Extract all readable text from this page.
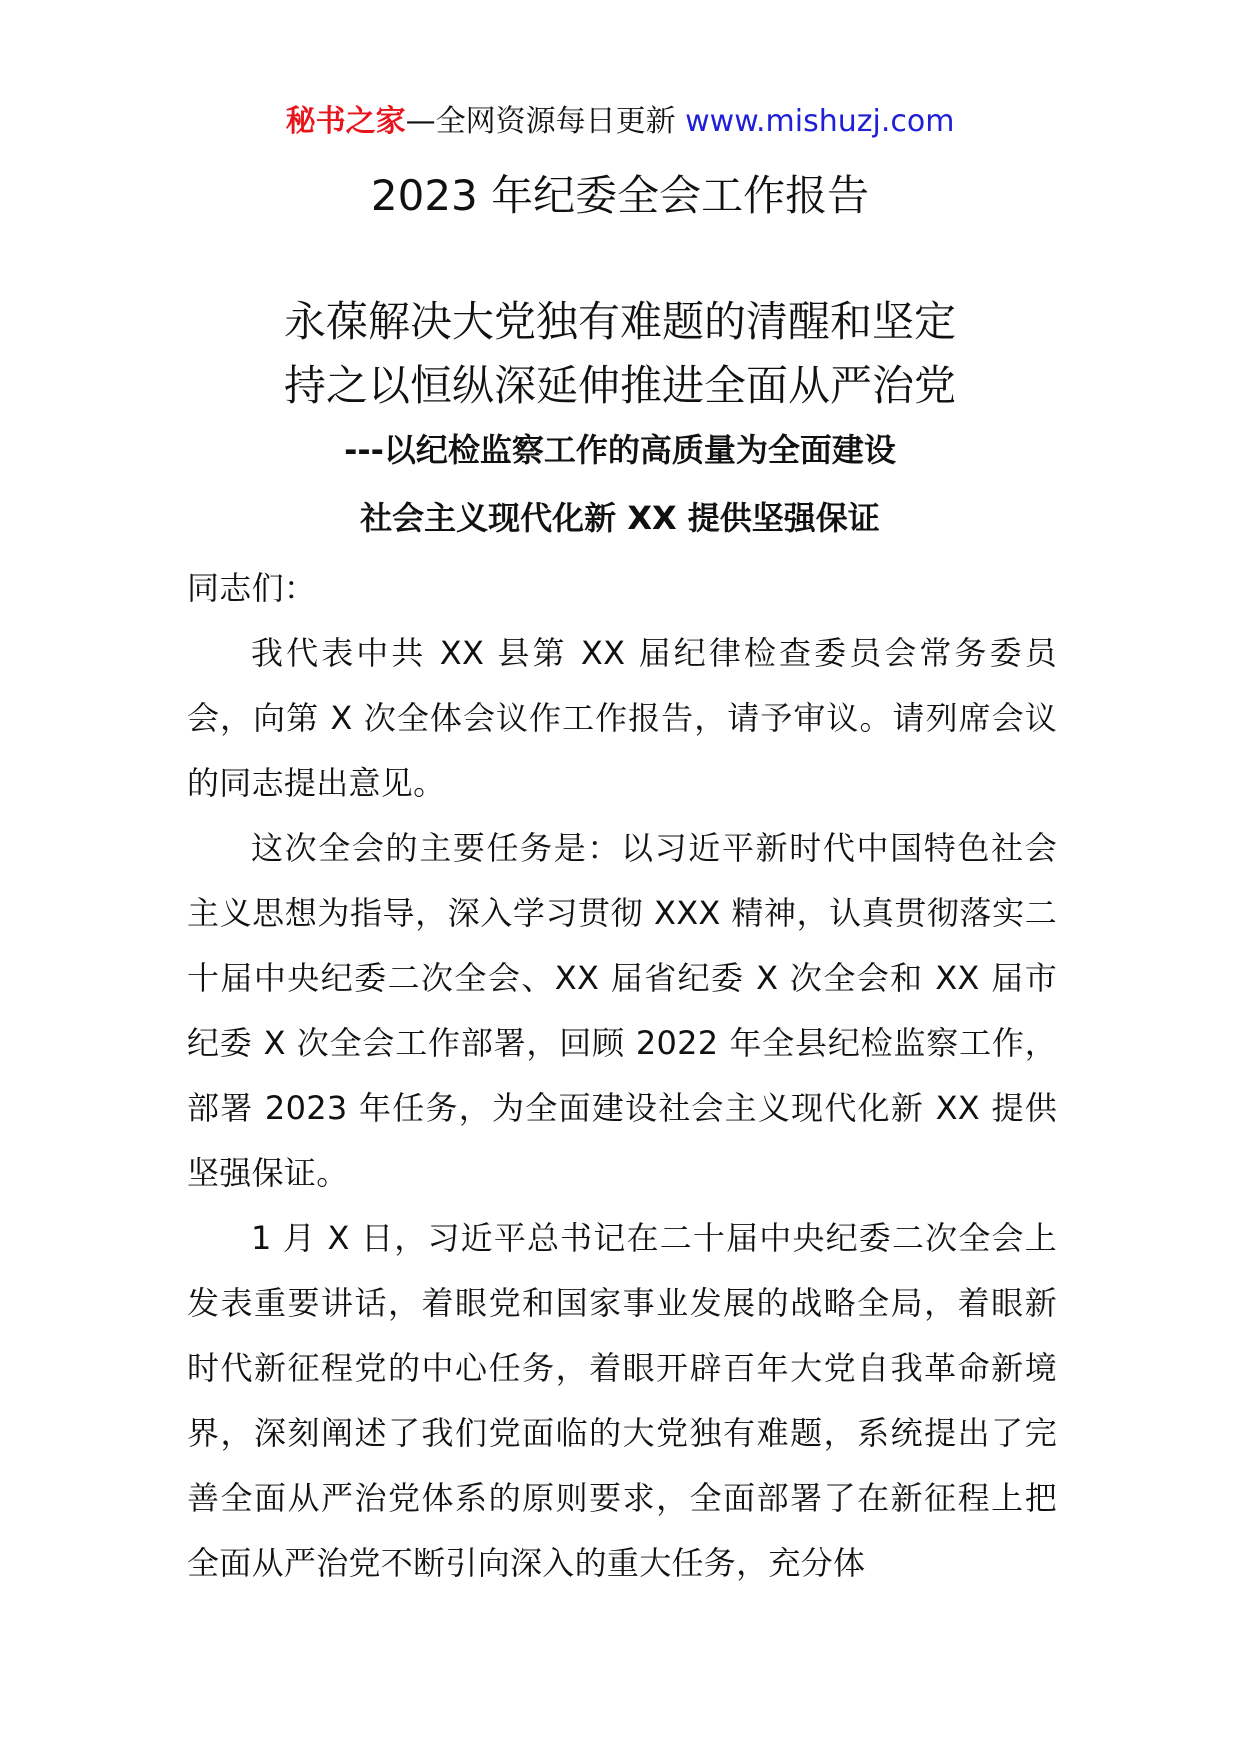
秘书之家—全网资源每日更新 www.mishuzj.com
2023 年纪委全会工作报告
永葆解决大党独有难题的清醒和坚定
持之以恒纵深延伸推进全面从严治党
---以纪检监察工作的高质量为全面建设
社会主义现代化新 XX 提供坚强保证

同志们：

我代表中共 XX 县第 XX 届纪律检查委员会常务委员会，向第 X 次全体会议作工作报告，请予审议。请列席会议的同志提出意见。

这次全会的主要任务是：以习近平新时代中国特色社会主义思想为指导，深入学习贯彻 XXX 精神，认真贯彻落实二十届中央纪委二次全会、XX 届省纪委 X 次全会和 XX 届市纪委 X 次全会工作部署，回顾 2022 年全县纪检监察工作，部署 2023 年任务，为全面建设社会主义现代化新 XX 提供坚强保证。

1 月 X 日，习近平总书记在二十届中央纪委二次全会上发表重要讲话，着眼党和国家事业发展的战略全局，着眼新时代新征程党的中心任务，着眼开辟百年大党自我革命新境界，深刻阐述了我们党面临的大党独有难题，系统提出了完善全面从严治党体系的原则要求，全面部署了在新征程上把全面从严治党不断引向深入的重大任务，充分体
